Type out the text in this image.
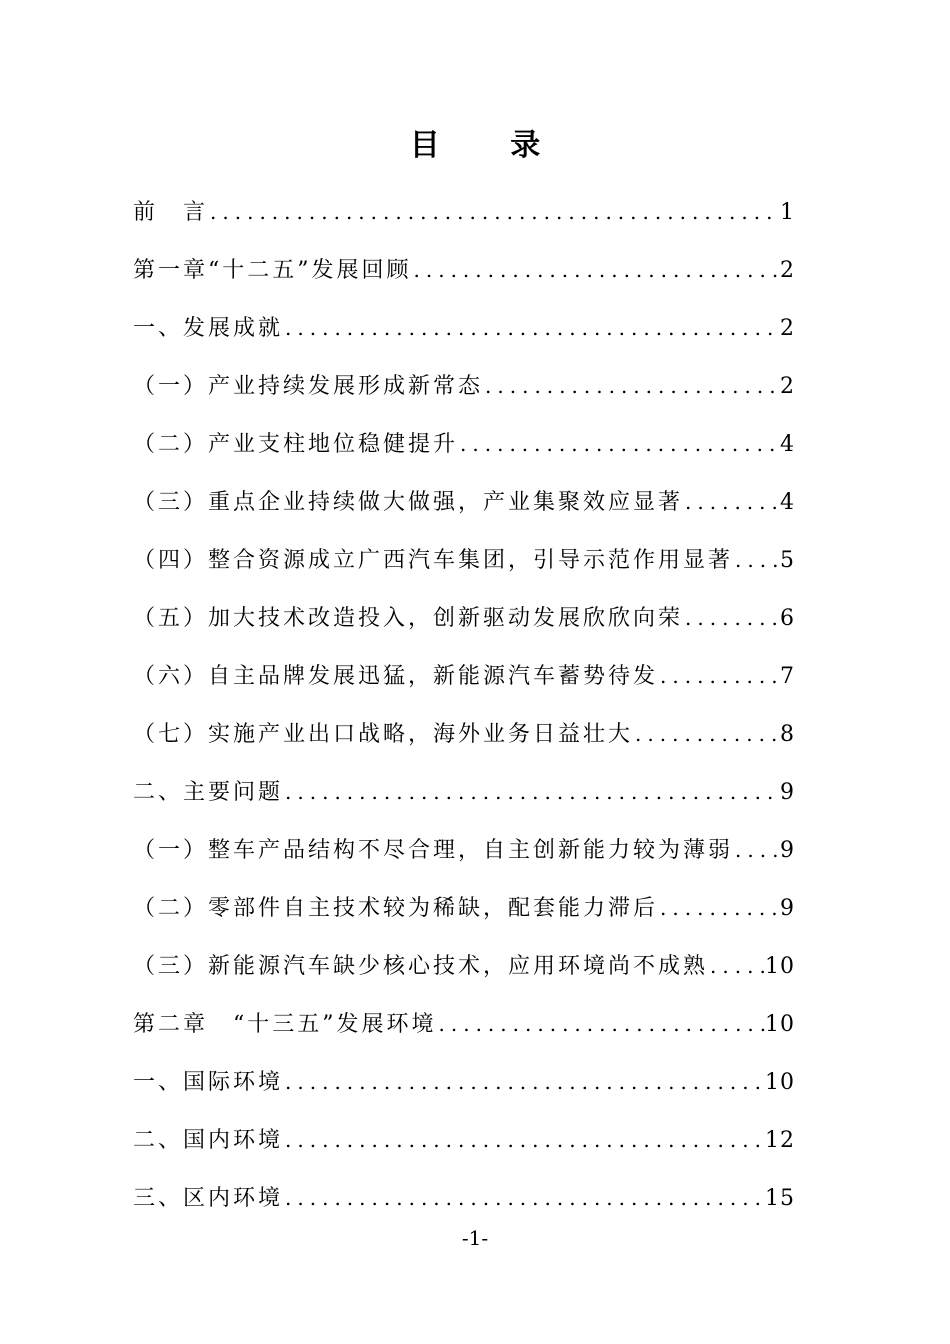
目 录
前　言 .....	1
第一章“十二五”发展回顾 .....	2
一、发展成就 .....	2
（一）产业持续发展形成新常态 .....	2
（二）产业支柱地位稳健提升 .....	4
（三）重点企业持续做大做强，产业集聚效应显著 .....	4
（四）整合资源成立广西汽车集团，引导示范作用显著 ..... 5
（五）加大技术改造投入，创新驱动发展欣欣向荣 .....	6
（六）自主品牌发展迅猛，新能源汽车蓄势待发 .....	7
（七）实施产业出口战略，海外业务日益壮大 .....	8
二、主要问题 .....	9
（一）整车产品结构不尽合理，自主创新能力较为薄弱 ..... 9
（二）零部件自主技术较为稀缺，配套能力滞后 .....	9
（三）新能源汽车缺少核心技术，应用环境尚不成熟 .....	10
第二章　“十三五”发展环境 .....	10
一、国际环境 .....	10
二、国内环境 .....	12
三、区内环境 .....	15
-1-
